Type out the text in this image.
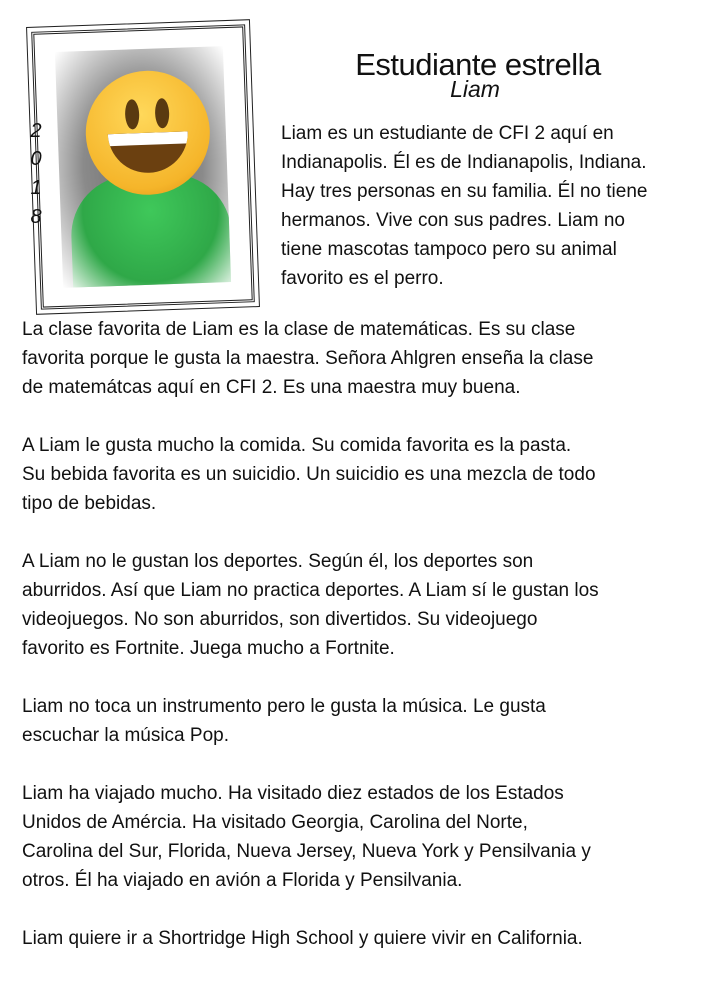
Estudiante estrella
Liam
2
0
1
8
Liam es un estudiante de CFI 2 aquí en
Indianapolis. Él es de Indianapolis, Indiana.
Hay tres personas en su familia. Él no tiene
hermanos. Vive con sus padres. Liam no
tiene mascotas tampoco pero su animal
favorito es el perro.
La clase favorita de Liam es la clase de matemáticas. Es su clase
favorita porque le gusta la maestra. Señora Ahlgren enseña la clase
de matemátcas aquí en CFI 2. Es una maestra muy buena.
A Liam le gusta mucho la comida. Su comida favorita es la pasta.
Su bebida favorita es un suicidio. Un suicidio es una mezcla de todo
tipo de bebidas.
A Liam no le gustan los deportes. Según él, los deportes son
aburridos. Así que Liam no practica deportes. A Liam sí le gustan los
videojuegos. No son aburridos, son divertidos. Su videojuego
favorito es Fortnite. Juega mucho a Fortnite.
Liam no toca un instrumento pero le gusta la música. Le gusta
escuchar la música Pop.
Liam ha viajado mucho. Ha visitado diez estados de los Estados
Unidos de Amércia. Ha visitado Georgia, Carolina del Norte,
Carolina del Sur, Florida, Nueva Jersey, Nueva York y Pensilvania y
otros. Él ha viajado en avión a Florida y Pensilvania.
Liam quiere ir a Shortridge High School y quiere vivir en California.
